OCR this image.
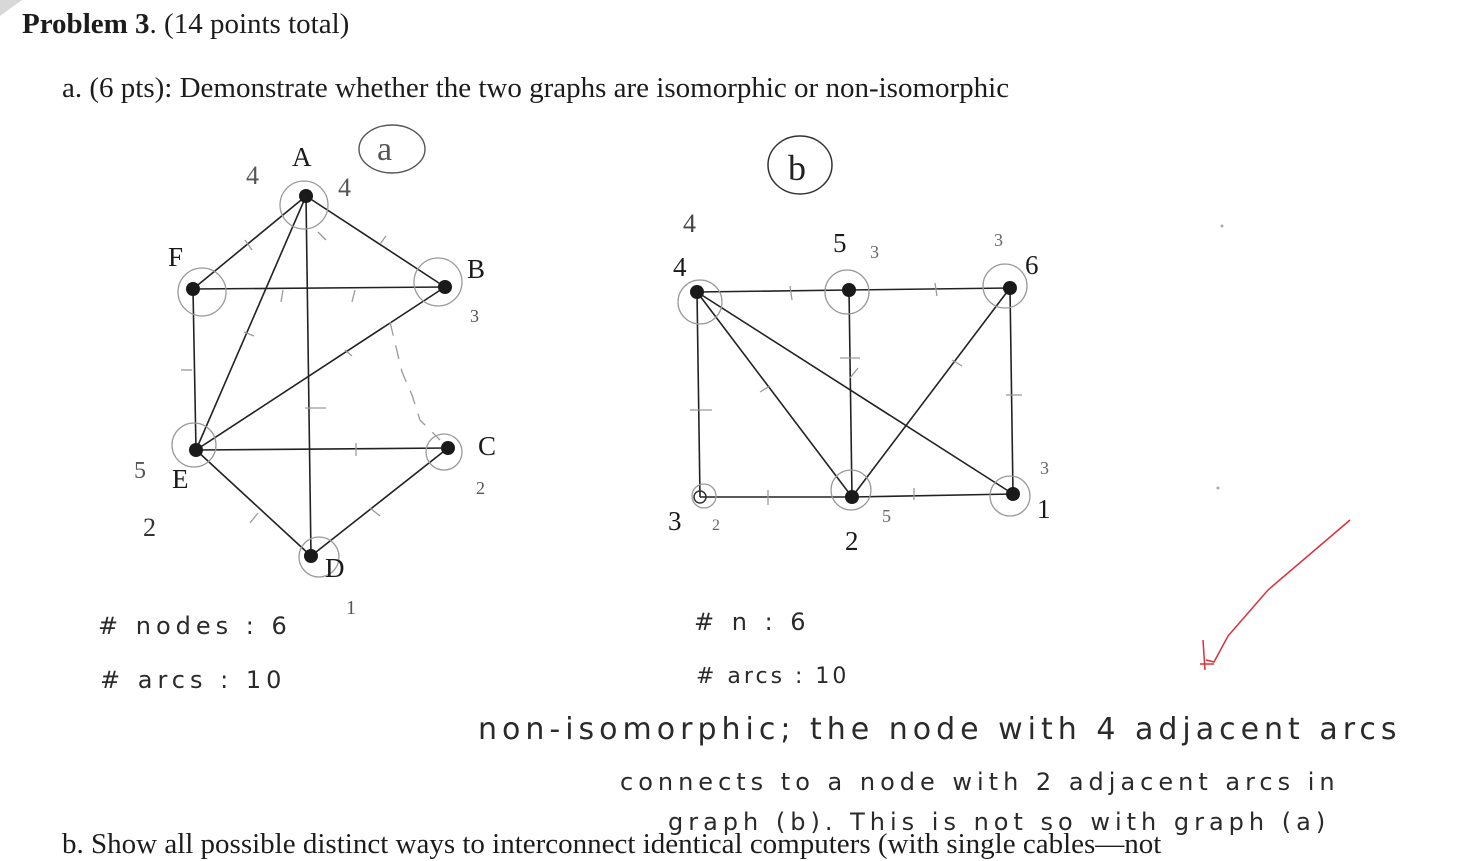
Problem 3. (14 points total)
a. (6 pts): Demonstrate whether the two graphs are isomorphic or non-isomorphic
A
F	B
E
C
D
4	4
3
2
1
5
2
a
4
5
6
3
2
1
4
3
3
2	5
3
b
# nodes : 6
# arcs : 10
# n : 6
# arcs : 10
non-isomorphic; the node with 4 adjacent arcs
connects to a node with 2 adjacent arcs in
graph (b). This is not so with graph (a)
b. Show all possible distinct ways to interconnect identical computers (with single cables—not
